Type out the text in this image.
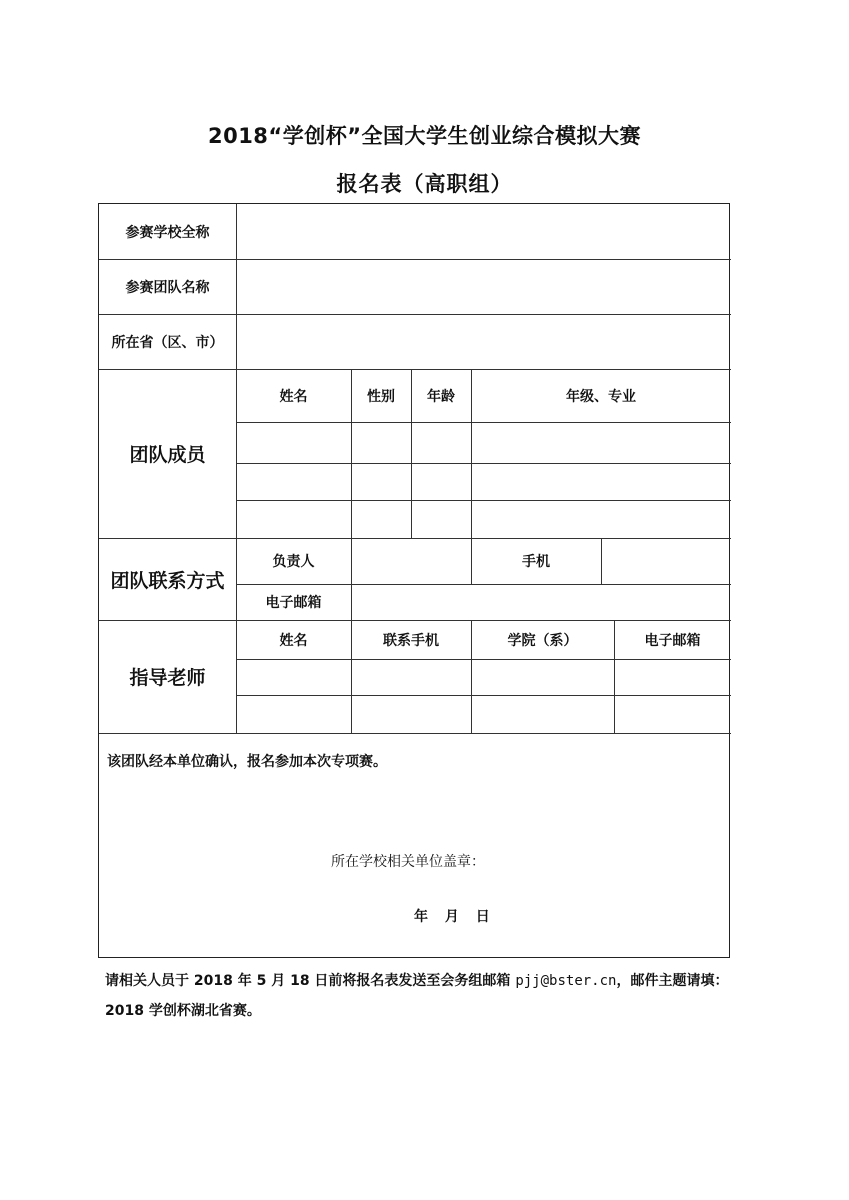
2018“学创杯”全国大学生创业综合模拟大赛
报名表（高职组）
参赛学校全称
参赛团队名称
所在省（区、市）
团队成员
姓名	性别	年龄	年级、专业
团队联系方式
负责人	手机
电子邮箱
指导老师
姓名	联系手机	学院（系）	电子邮箱
该团队经本单位确认，报名参加本次专项赛。
所在学校相关单位盖章：
年 月 日
请相关人员于 2018 年 5 月 18 日前将报名表发送至会务组邮箱 pjj@bster.cn，邮件主题请填：2018 学创杯湖北省赛。
